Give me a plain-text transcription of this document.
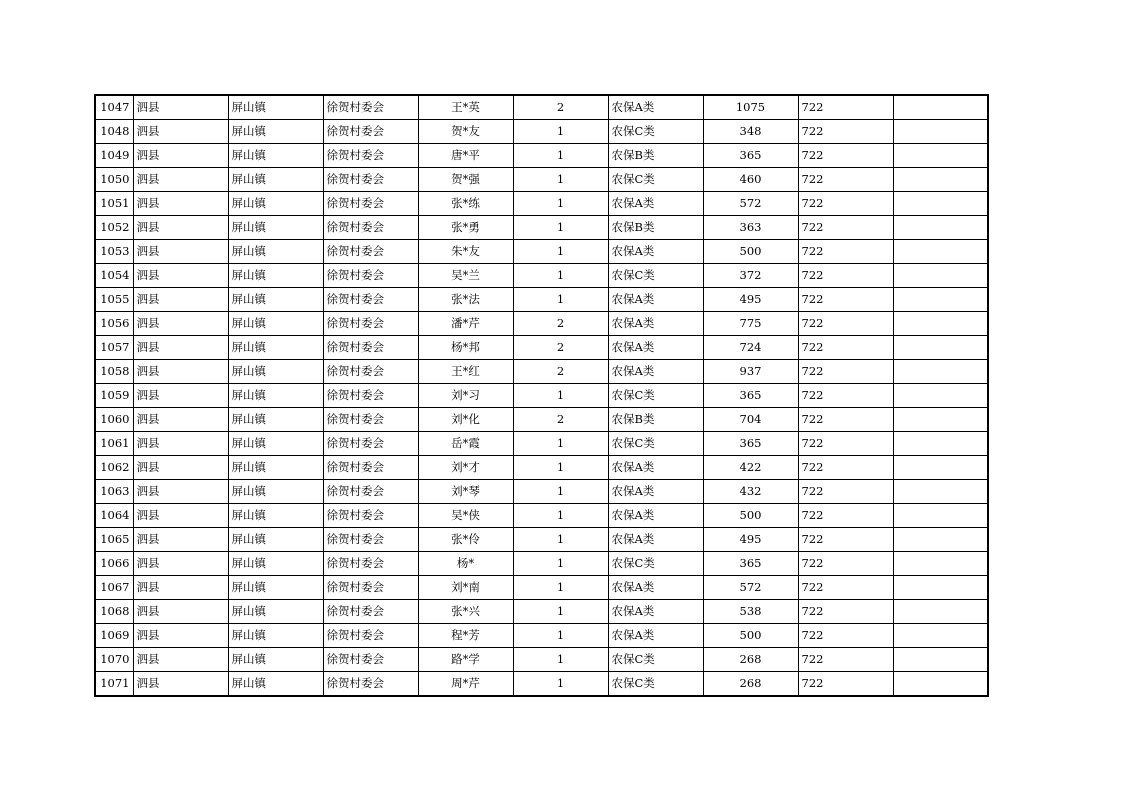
1047	泗县	屏山镇	徐贺村委会	王*英	2	农保A类	1075	722	
1048	泗县	屏山镇	徐贺村委会	贺*友	1	农保C类	348	722	
1049	泗县	屏山镇	徐贺村委会	唐*平	1	农保B类	365	722	
1050	泗县	屏山镇	徐贺村委会	贺*强	1	农保C类	460	722	
1051	泗县	屏山镇	徐贺村委会	张*练	1	农保A类	572	722	
1052	泗县	屏山镇	徐贺村委会	张*勇	1	农保B类	363	722	
1053	泗县	屏山镇	徐贺村委会	朱*友	1	农保A类	500	722	
1054	泗县	屏山镇	徐贺村委会	吴*兰	1	农保C类	372	722	
1055	泗县	屏山镇	徐贺村委会	张*法	1	农保A类	495	722	
1056	泗县	屏山镇	徐贺村委会	潘*芹	2	农保A类	775	722	
1057	泗县	屏山镇	徐贺村委会	杨*邦	2	农保A类	724	722	
1058	泗县	屏山镇	徐贺村委会	王*红	2	农保A类	937	722	
1059	泗县	屏山镇	徐贺村委会	刘*习	1	农保C类	365	722	
1060	泗县	屏山镇	徐贺村委会	刘*化	2	农保B类	704	722	
1061	泗县	屏山镇	徐贺村委会	岳*霞	1	农保C类	365	722	
1062	泗县	屏山镇	徐贺村委会	刘*才	1	农保A类	422	722	
1063	泗县	屏山镇	徐贺村委会	刘*琴	1	农保A类	432	722	
1064	泗县	屏山镇	徐贺村委会	吴*侠	1	农保A类	500	722	
1065	泗县	屏山镇	徐贺村委会	张*伶	1	农保A类	495	722	
1066	泗县	屏山镇	徐贺村委会	杨*	1	农保C类	365	722	
1067	泗县	屏山镇	徐贺村委会	刘*南	1	农保A类	572	722	
1068	泗县	屏山镇	徐贺村委会	张*兴	1	农保A类	538	722	
1069	泗县	屏山镇	徐贺村委会	程*芳	1	农保A类	500	722	
1070	泗县	屏山镇	徐贺村委会	路*学	1	农保C类	268	722	
1071	泗县	屏山镇	徐贺村委会	周*芹	1	农保C类	268	722	
